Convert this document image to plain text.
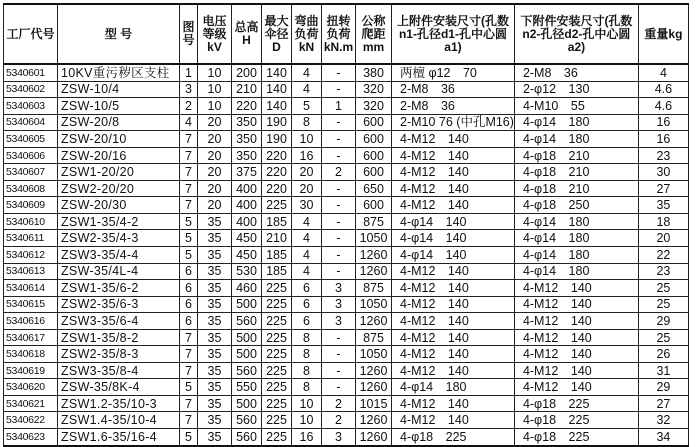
工厂代号	型 号	图号	电压等级kV	总高H	最大伞径D	弯曲负荷kN	扭转负荷kN.m	公称爬距mm	上附件安装尺寸(孔数n1-孔径d1-孔中心圆a1)	下附件安装尺寸(孔数n2-孔径d2-孔中心圆a2)	重量kg
5340601	10KV重污秽区支柱	1	10	200	140	4	-	380	两檀 φ12　70	2-M8　36	4
5340602	ZSW-10/4	3	10	210	140	4	-	320	2-M8　36	2-φ12　130	4.6
5340603	ZSW-10/5	2	10	220	140	5	1	320	2-M8　36	4-M10　55	4.6
5340604	ZSW-20/8	4	20	350	190	8	-	600	2-M10 76 (中孔M16)	4-φ14　180	16
5340605	ZSW-20/10	7	20	350	190	10	-	600	4-M12　140	4-φ14　180	16
5340606	ZSW-20/16	7	20	350	220	16	-	600	4-M12　140	4-φ18　210	23
5340607	ZSW1-20/20	7	20	375	220	20	2	600	4-M12　140	4-φ18　210	30
5340608	ZSW2-20/20	7	20	400	220	20	-	650	4-M12　140	4-φ18　210	27
5340609	ZSW-20/30	7	20	400	225	30	-	600	4-M12　140	4-φ18　250	35
5340610	ZSW1-35/4-2	5	35	400	185	4	-	875	4-φ14　140	4-φ14　180	18
5340611	ZSW2-35/4-3	5	35	450	210	4	-	1050	4-φ14　140	4-φ14　180	20
5340612	ZSW3-35/4-4	5	35	450	185	4	-	1260	4-φ14　140	4-φ14　180	22
5340613	ZSW-35/4L-4	6	35	530	185	4	-	1260	4-M12　140	4-φ14　180	23
5340614	ZSW1-35/6-2	6	35	460	225	6	3	875	4-M12　140	4-M12　140	25
5340615	ZSW2-35/6-3	6	35	500	225	6	3	1050	4-M12　140	4-M12　140	25
5340616	ZSW3-35/6-4	6	35	560	225	6	3	1260	4-M12　140	4-M12　140	29
5340617	ZSW1-35/8-2	7	35	500	225	8	-	875	4-M12　140	4-M12　140	25
5340618	ZSW2-35/8-3	7	35	500	225	8	-	1050	4-M12　140	4-M12　140	26
5340619	ZSW3-35/8-4	7	35	560	225	8	-	1260	4-M12　140	4-M12　140	31
5340620	ZSW-35/8K-4	5	35	550	225	8	-	1260	4-φ14　180	4-M12　140	29
5340621	ZSW1.2-35/10-3	7	35	500	225	10	2	1015	4-M12　140	4-φ18　225	27
5340622	ZSW1.4-35/10-4	7	35	560	225	10	2	1260	4-M12　140	4-φ18　225	32
5340623	ZSW1.6-35/16-4	5	35	560	225	16	3	1260	4-φ18　225	4-φ18　225	34
